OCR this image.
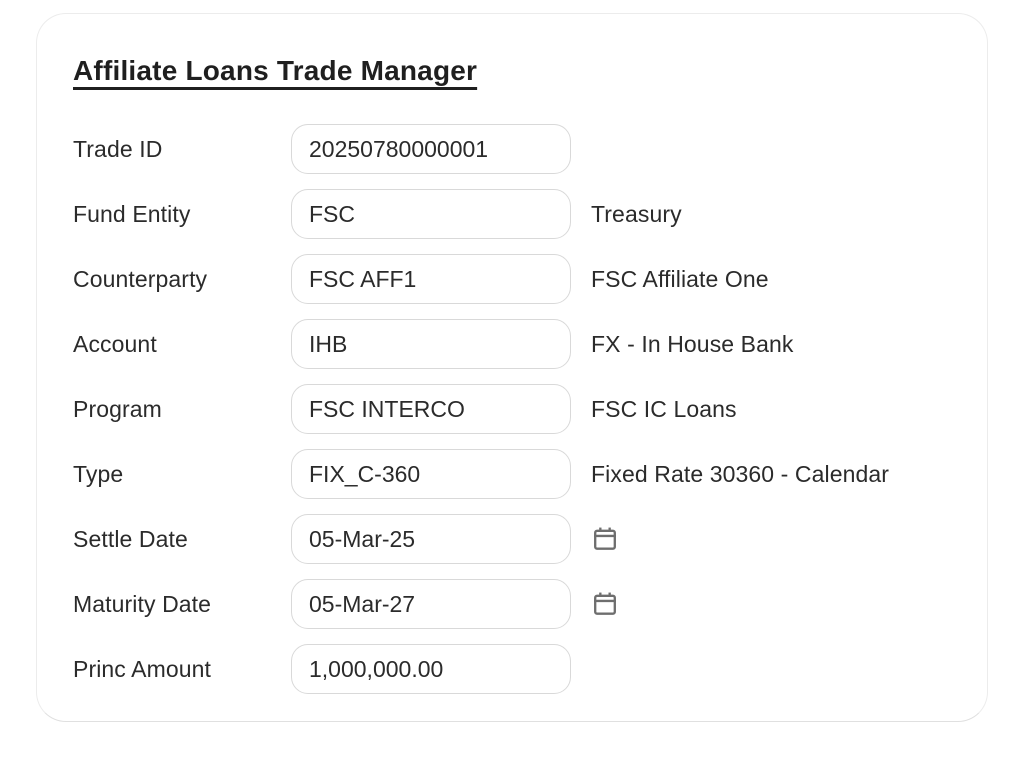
Affiliate Loans Trade Manager
Trade ID
20250780000001
Fund Entity
FSC	Treasury
Counterparty
FSC AFF1	FSC Affiliate One
Account
IHB	FX - In House Bank
Program
FSC INTERCO	FSC IC Loans
Type
FIX_C-360	Fixed Rate 30360 - Calendar
Settle Date
05-Mar-25
Maturity Date
05-Mar-27
Princ Amount
1,000,000.00
